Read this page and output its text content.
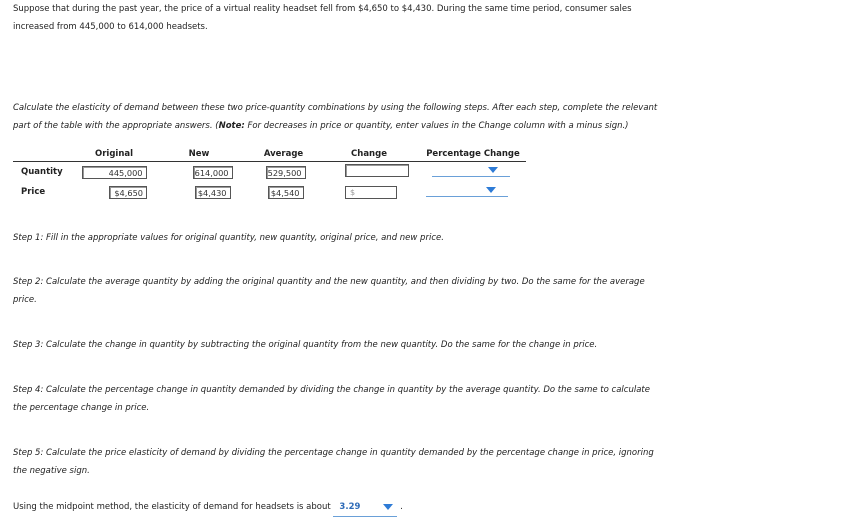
Suppose that during the past year, the price of a virtual reality headset fell from $4,650 to $4,430. During the same time period, consumer sales

increased from 445,000 to 614,000 headsets.

Calculate the elasticity of demand between these two price-quantity combinations by using the following steps. After each step, complete the relevant
part of the table with the appropriate answers. (Note: For decreases in price or quantity, enter values in the Change column with a minus sign.)
	Original	New	Average	Change	Percentage Change
Quantity	445,000	614,000	529,500		

Price	$4,650	$4,430	$4,540	$	
Step 1: Fill in the appropriate values for original quantity, new quantity, original price, and new price.
Step 2: Calculate the average quantity by adding the original quantity and the new quantity, and then dividing by two. Do the same for the average
price.
Step 3: Calculate the change in quantity by subtracting the original quantity from the new quantity. Do the same for the change in price.
Step 4: Calculate the percentage change in quantity demanded by dividing the change in quantity by the average quantity. Do the same to calculate
the percentage change in price.
Step 5: Calculate the price elasticity of demand by dividing the percentage change in quantity demanded by the percentage change in price, ignoring
the negative sign.
Using the midpoint method, the elasticity of demand for headsets is about 3.29	.
